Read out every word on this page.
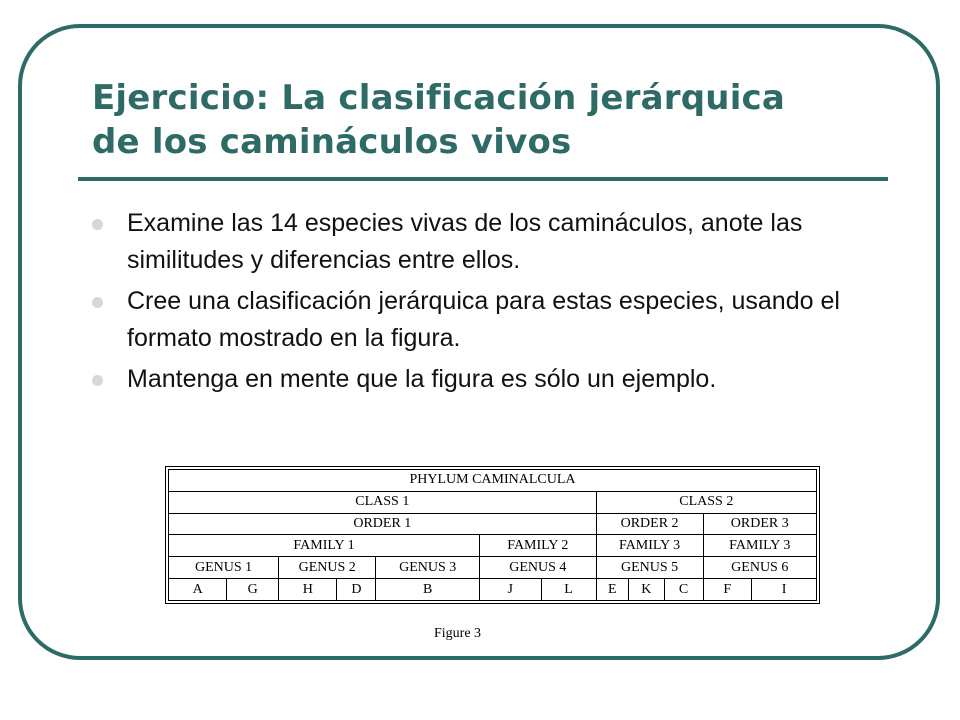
Ejercicio: La clasificación jerárquica
de los camináculos vivos
Examine las 14 especies vivas de los camináculos, anote las similitudes y diferencias entre ellos.
Cree una clasificación jerárquica para estas especies, usando el formato mostrado en la figura.
Mantenga en mente que la figura es sólo un ejemplo.
PHYLUM CAMINALCULA											
CLASS 1							CLASS 2				
ORDER 1							ORDER 2			ORDER 3	
FAMILY 1					FAMILY 2		FAMILY 3			FAMILY 3	
GENUS 1		GENUS 2		GENUS 3	GENUS 4		GENUS 5			GENUS 6	
A	G	H	D	B	J	L	E	K	C	F	I
Figure 3
